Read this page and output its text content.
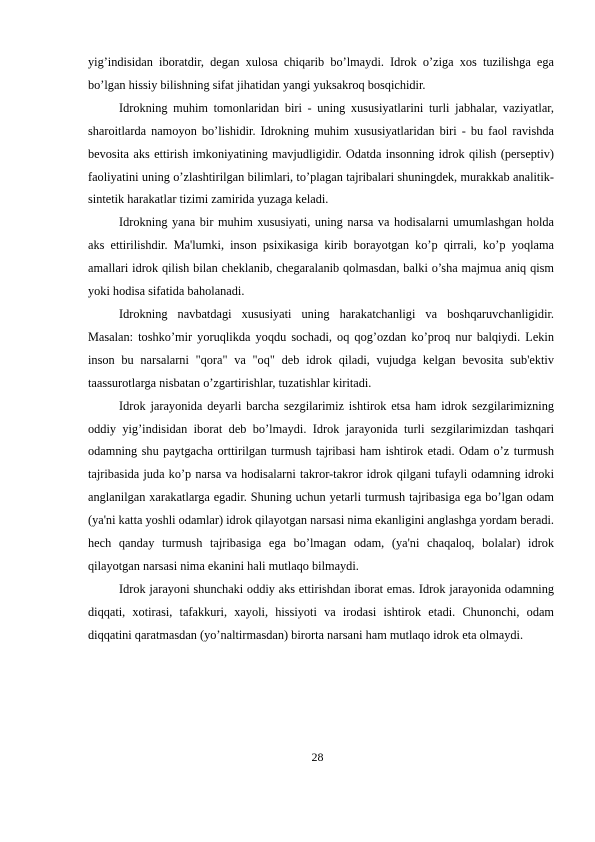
yig’indisidan iboratdir, degan xulosa chiqarib bo’lmaydi. Idrok o’ziga xos tuzilishga ega bo’lgan hissiy bilishning sifat jihatidan yangi yuksakroq bosqichidir.

Idrokning muhim tomonlaridan biri - uning xususiyatlarini turli jabhalar, vaziyatlar, sharoitlarda namoyon bo’lishidir. Idrokning muhim xususiyatlaridan biri - bu faol ravishda bevosita aks ettirish imkoniyatining mavjudligidir. Odatda insonning idrok qilish (perseptiv) faoliyatini uning o’zlashtirilgan bilimlari, to’plagan tajribalari shuningdek, murakkab analitik-sintetik harakatlar tizimi zamirida yuzaga keladi.

Idrokning yana bir muhim xususiyati, uning narsa va hodisalarni umumlashgan holda aks ettirilishdir. Ma'lumki, inson psixikasiga kirib borayotgan ko’p qirrali, ko’p yoqlama amallari idrok qilish bilan cheklanib, chegaralanib qolmasdan, balki o’sha majmua aniq qism yoki hodisa sifatida baholanadi.

Idrokning navbatdagi xususiyati uning harakatchanligi va boshqaruvchanligidir. Masalan: toshko’mir yoruqlikda yoqdu sochadi, oq qog’ozdan ko’proq nur balqiydi. Lekin inson bu narsalarni "qora" va "oq" deb idrok qiladi, vujudga kelgan bevosita sub'ektiv taassurotlarga nisbatan o’zgartirishlar, tuzatishlar kiritadi.

Idrok jarayonida deyarli barcha sezgilarimiz ishtirok etsa ham idrok sezgilarimizning oddiy yig’indisidan iborat deb bo’lmaydi. Idrok jarayonida turli sezgilarimizdan tashqari odamning shu paytgacha orttirilgan turmush tajribasi ham ishtirok etadi. Odam o’z turmush tajribasida juda ko’p narsa va hodisalarni takror-takror idrok qilgani tufayli odamning idroki anglanilgan xarakatlarga egadir. Shuning uchun yetarli turmush tajribasiga ega bo’lgan odam (ya'ni katta yoshli odamlar) idrok qilayotgan narsasi nima ekanligini anglashga yordam beradi. hech qanday turmush tajribasiga ega bo’lmagan odam, (ya'ni chaqaloq, bolalar) idrok qilayotgan narsasi nima ekanini hali mutlaqo bilmaydi.

Idrok jarayoni shunchaki oddiy aks ettirishdan iborat emas. Idrok jarayonida odamning diqqati, xotirasi, tafakkuri, xayoli, hissiyoti va irodasi ishtirok etadi. Chunonchi, odam diqqatini qaratmasdan (yo’naltirmasdan) birorta narsani ham mutlaqo idrok eta olmaydi.

28
